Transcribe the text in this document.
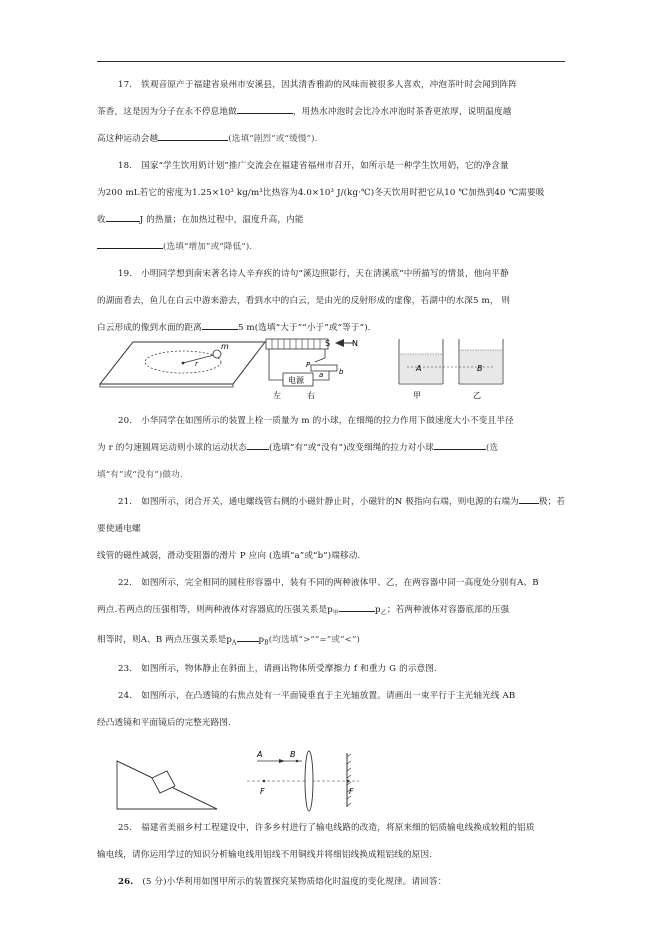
17. 铁观音原产于福建省泉州市安溪县，因其清香雅韵的风味而被很多人喜欢，冲泡茶叶时会闻到阵阵
茶香，这是因为分子在永不停息地做	，用热水冲泡时会比冷水冲泡时茶香更浓厚，说明温度越
高这种运动会越	(选填“剧烈”或“缓慢”).

18. 国家“学生饮用奶计划”推广交流会在福建省福州市召开，如所示是一种学生饮用奶，它的净含量
为200 mL若它的密度为1.25×10³ kg/m³比热容为4.0×10³ J/(kg·℃)冬天饮用时把它从10 ℃加热到40 ℃需要吸
收	J 的热量；在加热过程中，温度升高，内能
(选填“增加”或“降低”).

19. 小明同学想到南宋著名诗人辛弃疾的诗句“溪边照影行，天在清溪底”中所描写的情景，他向平静
的湖面看去，鱼儿在白云中游来游去，看到水中的白云，是由光的反射形成的虚像，若湖中的水深5 m， 则
白云形成的像到水面的距离	5 m(选填“大于”“小于”或“等于”).

m
r
电源
P
a b
左	右
S	N
A	B
甲	乙

20. 小华同学在如图所示的装置上栓一质量为 m 的小球，在细绳的拉力作用下做速度大小不变且半径
为 r 的匀速圆周运动则小球的运动状态	(选填“有”或“没有”)改变细绳的拉力对小球	(选
填“有”或“没有”)做功.

21. 如图所示，闭合开关，通电螺线管右侧的小磁针静止时，小磁针的N 极指向右端，则电源的右端为 极；若要使通电螺
线管的磁性减弱，滑动变阻器的滑片 P 应向 (选填“a”或“b”)端移动.

22. 如图所示，完全相同的圆柱形容器中，装有不同的两种液体甲、乙，在两容器中同一高度处分别有A、B
两点.若两点的压强相等，则两种液体对容器底的压强关系是$p_甲$	$p_乙$；若两种液体对容器底部的压强
相等时，则A、B 两点压强关系是$p_A$	$p_B$(均选填“>”“=”或“<”)

23. 如图所示，物体静止在斜面上，请画出物体所受摩擦力 f 和重力 G 的示意图.

24. 如图所示，在凸透镜的右焦点处有一平面镜垂直于主光轴放置。请画出一束平行于主光轴光线 AB
经凸透镜和平面镜后的完整光路图.

A	B
F	F

25. 福建省美丽乡村工程建设中，许多乡村进行了输电线路的改造，将原来细的铝质输电线换成较粗的铝质
输电线，请你运用学过的知识分析输电线用铝线不用铜线并将细铝线换成粗铝线的原因.

26. (5 分)小华利用如图甲所示的装置探究某物质熔化时温度的变化规律。请回答：
